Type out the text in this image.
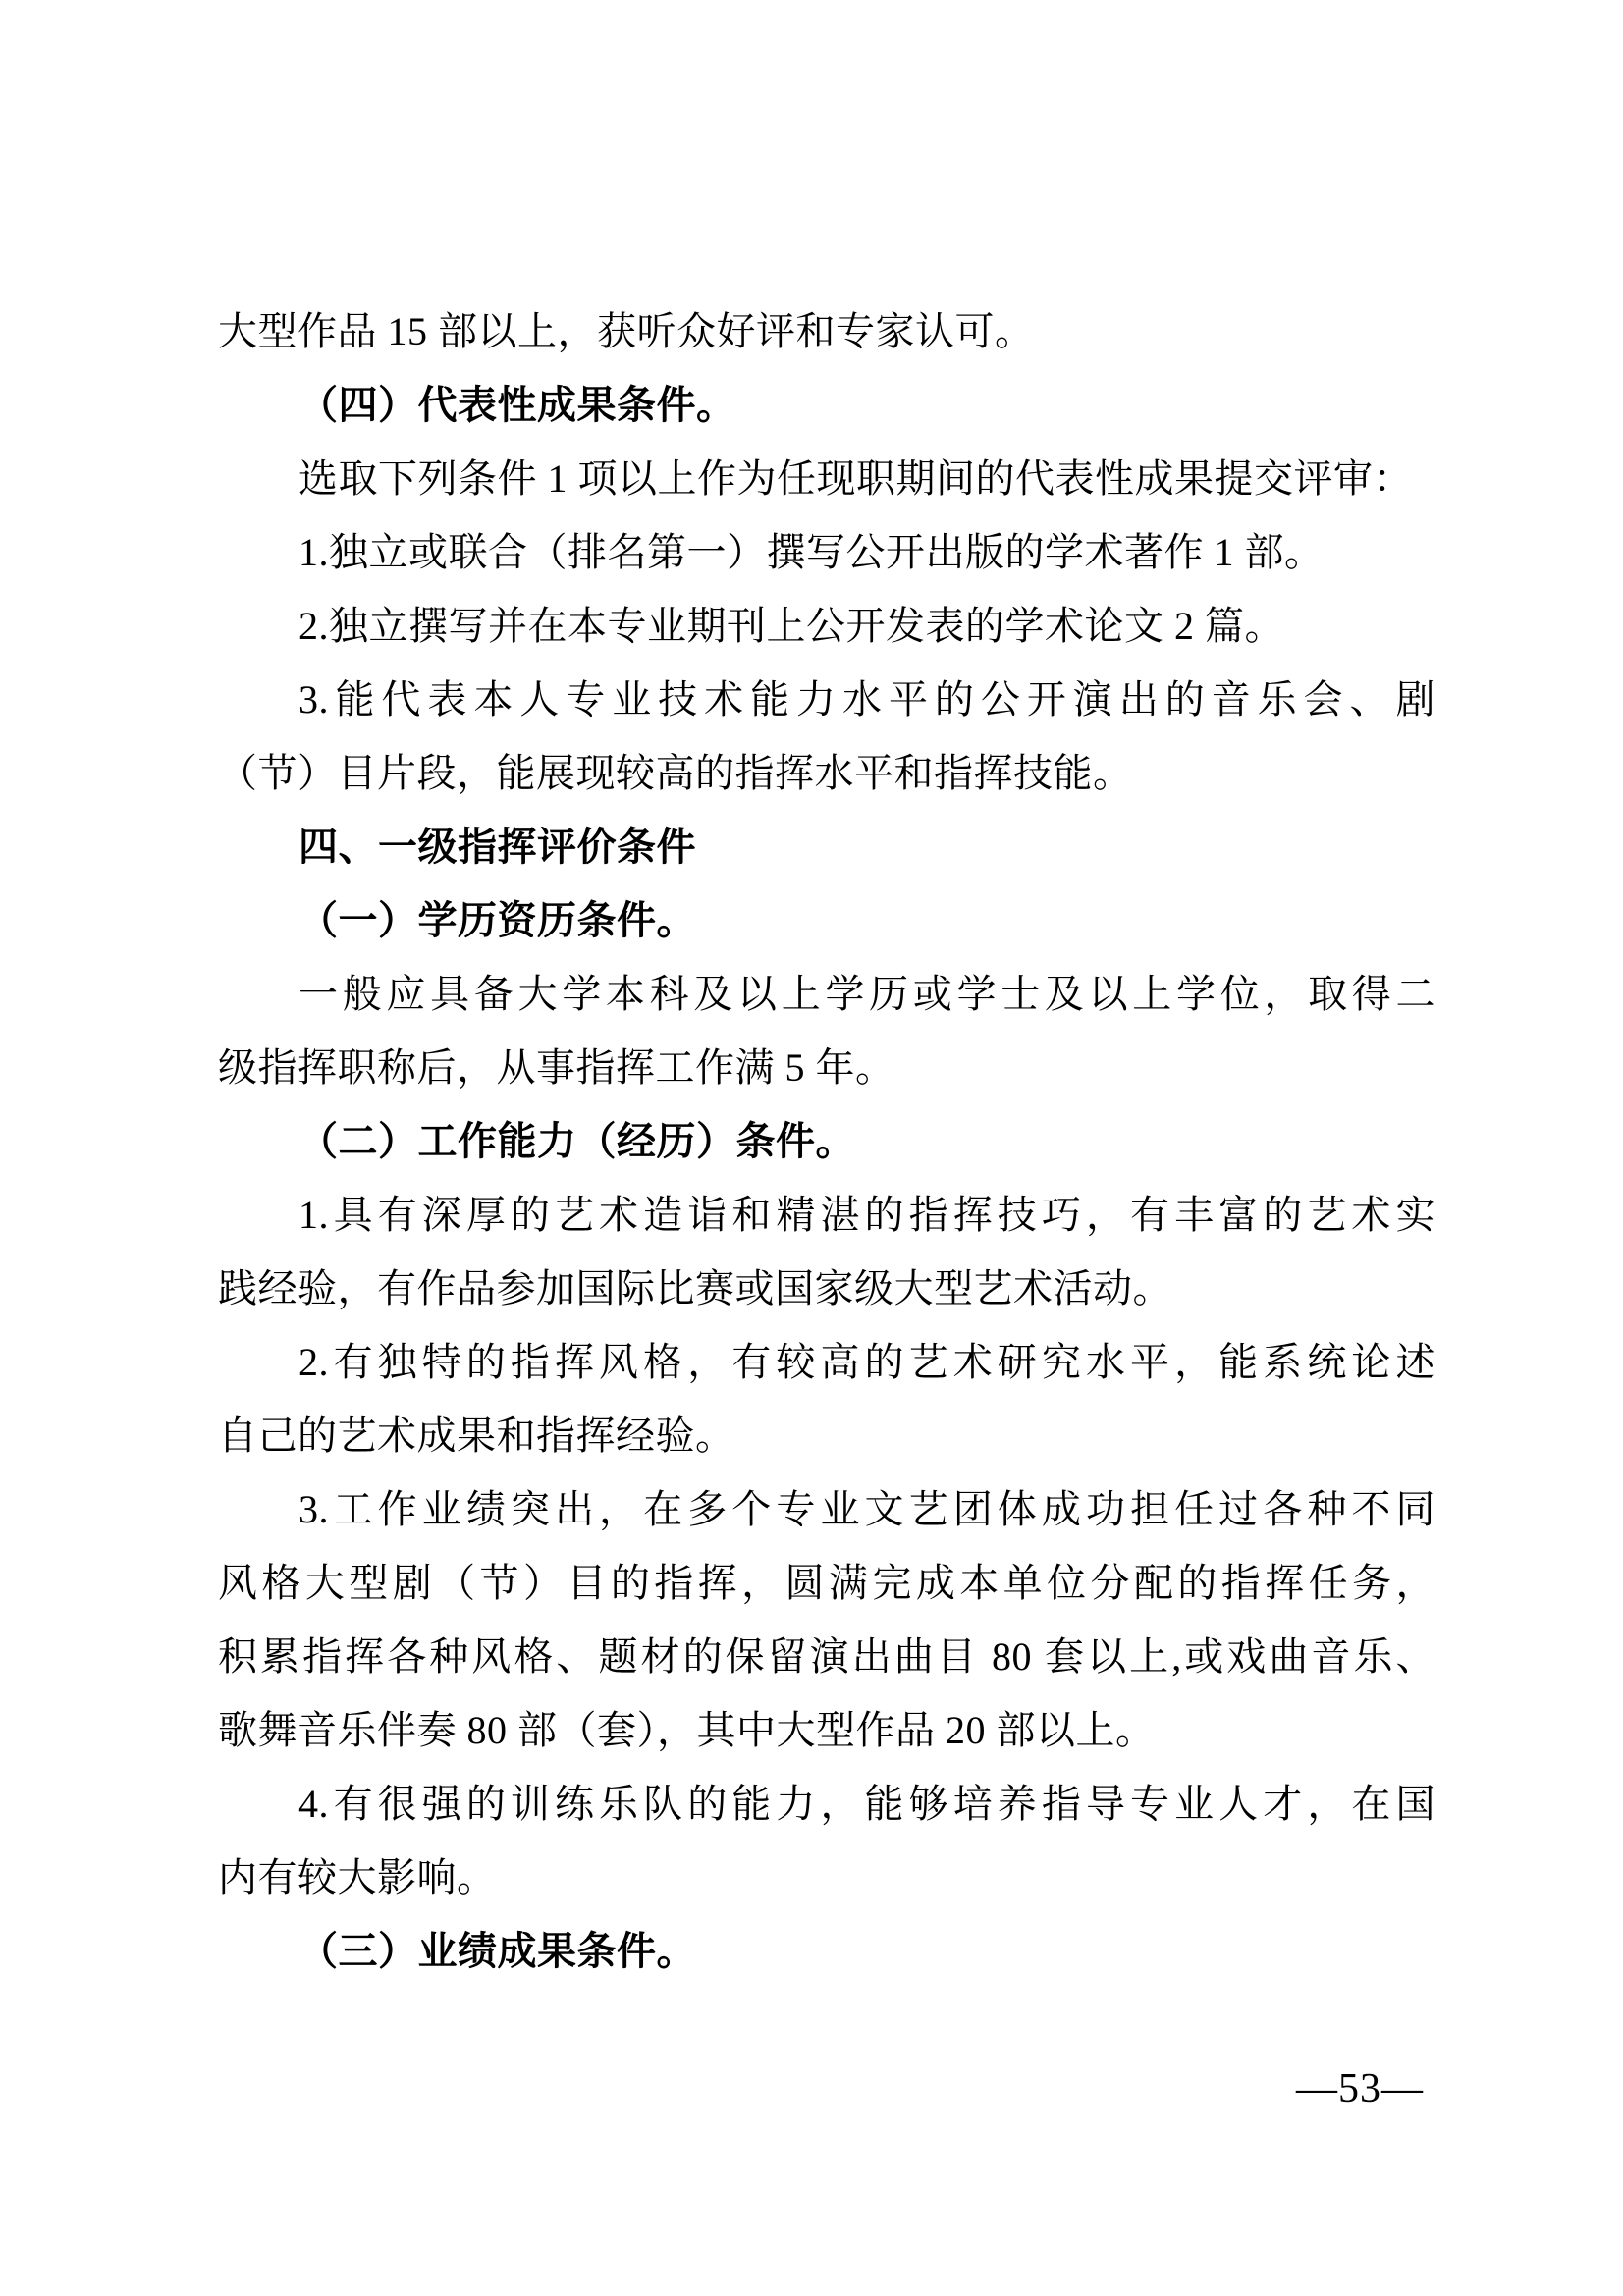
大型作品 15 部以上，获听众好评和专家认可。
（四）代表性成果条件。
选取下列条件 1 项以上作为任现职期间的代表性成果提交评审：
1.独立或联合（排名第一）撰写公开出版的学术著作 1 部。
2.独立撰写并在本专业期刊上公开发表的学术论文 2 篇。
3.能代表本人专业技术能力水平的公开演出的音乐会、剧
（节）目片段，能展现较高的指挥水平和指挥技能。
四、一级指挥评价条件
（一）学历资历条件。
一般应具备大学本科及以上学历或学士及以上学位，取得二
级指挥职称后，从事指挥工作满 5 年。
（二）工作能力（经历）条件。
1.具有深厚的艺术造诣和精湛的指挥技巧，有丰富的艺术实
践经验，有作品参加国际比赛或国家级大型艺术活动。
2.有独特的指挥风格，有较高的艺术研究水平，能系统论述
自己的艺术成果和指挥经验。
3.工作业绩突出，在多个专业文艺团体成功担任过各种不同
风格大型剧（节）目的指挥，圆满完成本单位分配的指挥任务，
积累指挥各种风格、题材的保留演出曲目 80 套以上,或戏曲音乐、
歌舞音乐伴奏 80 部（套），其中大型作品 20 部以上。
4.有很强的训练乐队的能力，能够培养指导专业人才，在国
内有较大影响。
（三）业绩成果条件。
—53—
